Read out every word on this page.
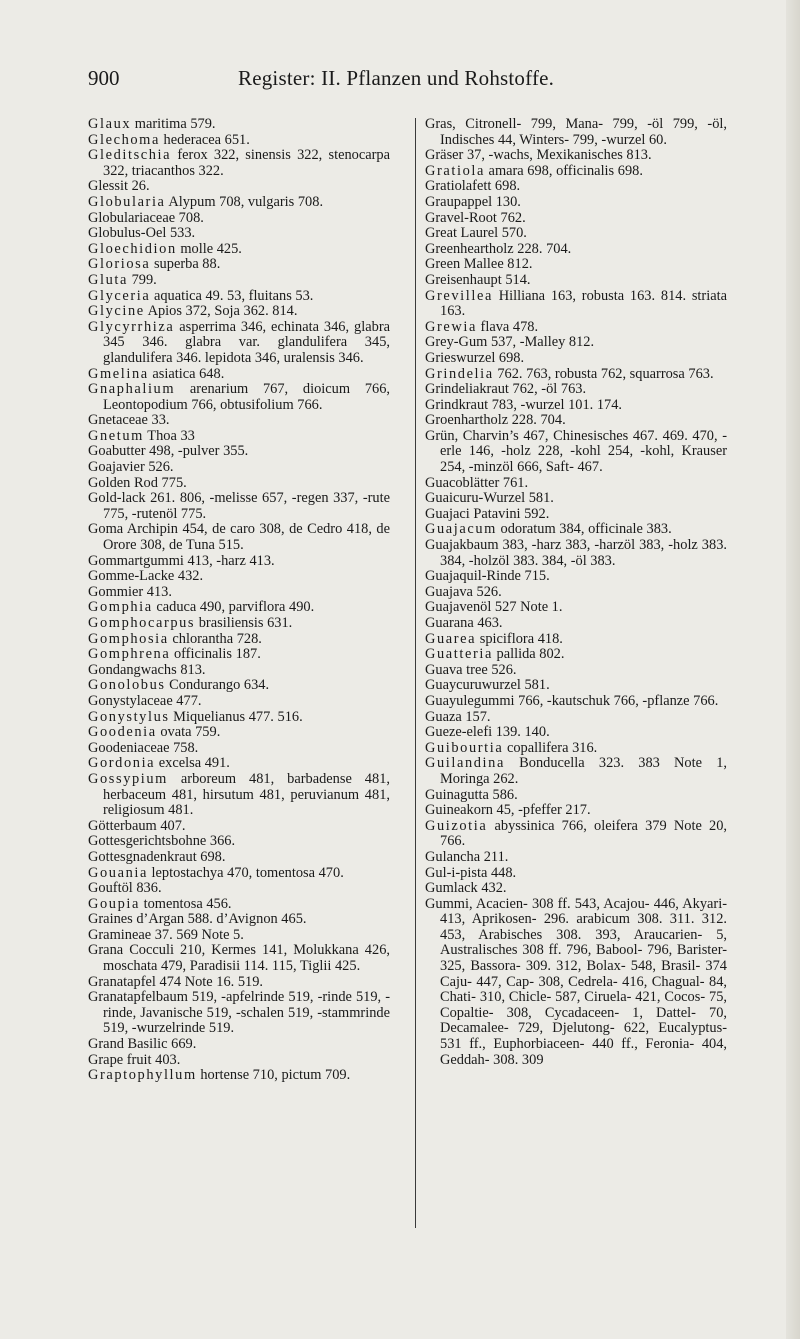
900	Register: II. Pflanzen und Rohstoffe.
Glaux maritima 579.
Glechoma hederacea 651.
Gleditschia ferox 322, sinensis 322, stenocarpa 322, triacanthos 322.
Glessit 26.
Globularia Alypum 708, vulgaris 708.
Globulariaceae 708.
Globulus-Oel 533.
Gloechidion molle 425.
Gloriosa superba 88.
Gluta 799.
Glyceria aquatica 49. 53, fluitans 53.
Glycine Apios 372, Soja 362. 814.
Glycyrrhiza asperrima 346, echinata 346, glabra 345 346. glabra var. glandulifera 345, glandulifera 346. lepidota 346, uralensis 346.
Gmelina asiatica 648.
Gnaphalium arenarium 767, dioicum 766, Leontopodium 766, obtusifolium 766.
Gnetaceae 33.
Gnetum Thoa 33
Goabutter 498, -pulver 355.
Goajavier 526.
Golden Rod 775.
Gold-lack 261. 806, -melisse 657, -regen 337, -rute 775, -rutenöl 775.
Goma Archipin 454, de caro 308, de Cedro 418, de Orore 308, de Tuna 515.
Gommartgummi 413, -harz 413.
Gomme-Lacke 432.
Gommier 413.
Gomphia caduca 490, parviflora 490.
Gomphocarpus brasiliensis 631.
Gomphosia chlorantha 728.
Gomphrena officinalis 187.
Gondangwachs 813.
Gonolobus Condurango 634.
Gonystylaceae 477.
Gonystylus Miquelianus 477. 516.
Goodenia ovata 759.
Goodeniaceae 758.
Gordonia excelsa 491.
Gossypium arboreum 481, barbadense 481, herbaceum 481, hirsutum 481, peruvianum 481, religiosum 481.
Götterbaum 407.
Gottesgerichtsbohne 366.
Gottesgnadenkraut 698.
Gouania leptostachya 470, tomentosa 470.
Gouftöl 836.
Goupia tomentosa 456.
Graines d’Argan 588. d’Avignon 465.
Gramineae 37. 569 Note 5.
Grana Cocculi 210, Kermes 141, Molukkana 426, moschata 479, Paradisii 114. 115, Tiglii 425.
Granatapfel 474 Note 16. 519.
Granatapfelbaum 519, -apfelrinde 519, -rinde 519, -rinde, Javanische 519, -schalen 519, -stammrinde 519, -wurzelrinde 519.
Grand Basilic 669.
Grape fruit 403.
Graptophyllum hortense 710, pictum 709.
Gras, Citronell- 799, Mana- 799, -öl 799, -öl, Indisches 44, Winters- 799, -wurzel 60.
Gräser 37, -wachs, Mexikanisches 813.
Gratiola amara 698, officinalis 698.
Gratiolafett 698.
Graupappel 130.
Gravel-Root 762.
Great Laurel 570.
Greenheartholz 228. 704.
Green Mallee 812.
Greisenhaupt 514.
Grevillea Hilliana 163, robusta 163. 814. striata 163.
Grewia flava 478.
Grey-Gum 537, -Malley 812.
Grieswurzel 698.
Grindelia 762. 763, robusta 762, squarrosa 763.
Grindeliakraut 762, -öl 763.
Grindkraut 783, -wurzel 101. 174.
Groenhartholz 228. 704.
Grün, Charvin’s 467, Chinesisches 467. 469. 470, -erle 146, -holz 228, -kohl 254, -kohl, Krauser 254, -minzöl 666, Saft- 467.
Guacoblätter 761.
Guaicuru-Wurzel 581.
Guajaci Patavini 592.
Guajacum odoratum 384, officinale 383.
Guajakbaum 383, -harz 383, -harzöl 383, -holz 383. 384, -holzöl 383. 384, -öl 383.
Guajaquil-Rinde 715.
Guajava 526.
Guajavenöl 527 Note 1.
Guarana 463.
Guarea spiciflora 418.
Guatteria pallida 802.
Guava tree 526.
Guaycuruwurzel 581.
Guayulegummi 766, -kautschuk 766, -pflanze 766.
Guaza 157.
Gueze-elefi 139. 140.
Guibourtia copallifera 316.
Guilandina Bonducella 323. 383 Note 1, Moringa 262.
Guinagutta 586.
Guineakorn 45, -pfeffer 217.
Guizotia abyssinica 766, oleifera 379 Note 20, 766.
Gulancha 211.
Gul-i-pista 448.
Gumlack 432.
Gummi, Acacien- 308 ff. 543, Acajou- 446, Akyari- 413, Aprikosen- 296. arabicum 308. 311. 312. 453, Arabisches 308. 393, Araucarien- 5, Australisches 308 ff. 796, Babool- 796, Barister- 325, Bassora- 309. 312, Bolax- 548, Brasil- 374 Caju- 447, Cap- 308, Cedrela- 416, Chagual- 84, Chati- 310, Chicle- 587, Ciruela- 421, Cocos- 75, Copaltie- 308, Cycadaceen- 1, Dattel- 70, Decamalee- 729, Djelutong- 622, Eucalyptus- 531 ff., Euphorbiaceen- 440 ff., Feronia- 404, Geddah- 308. 309
